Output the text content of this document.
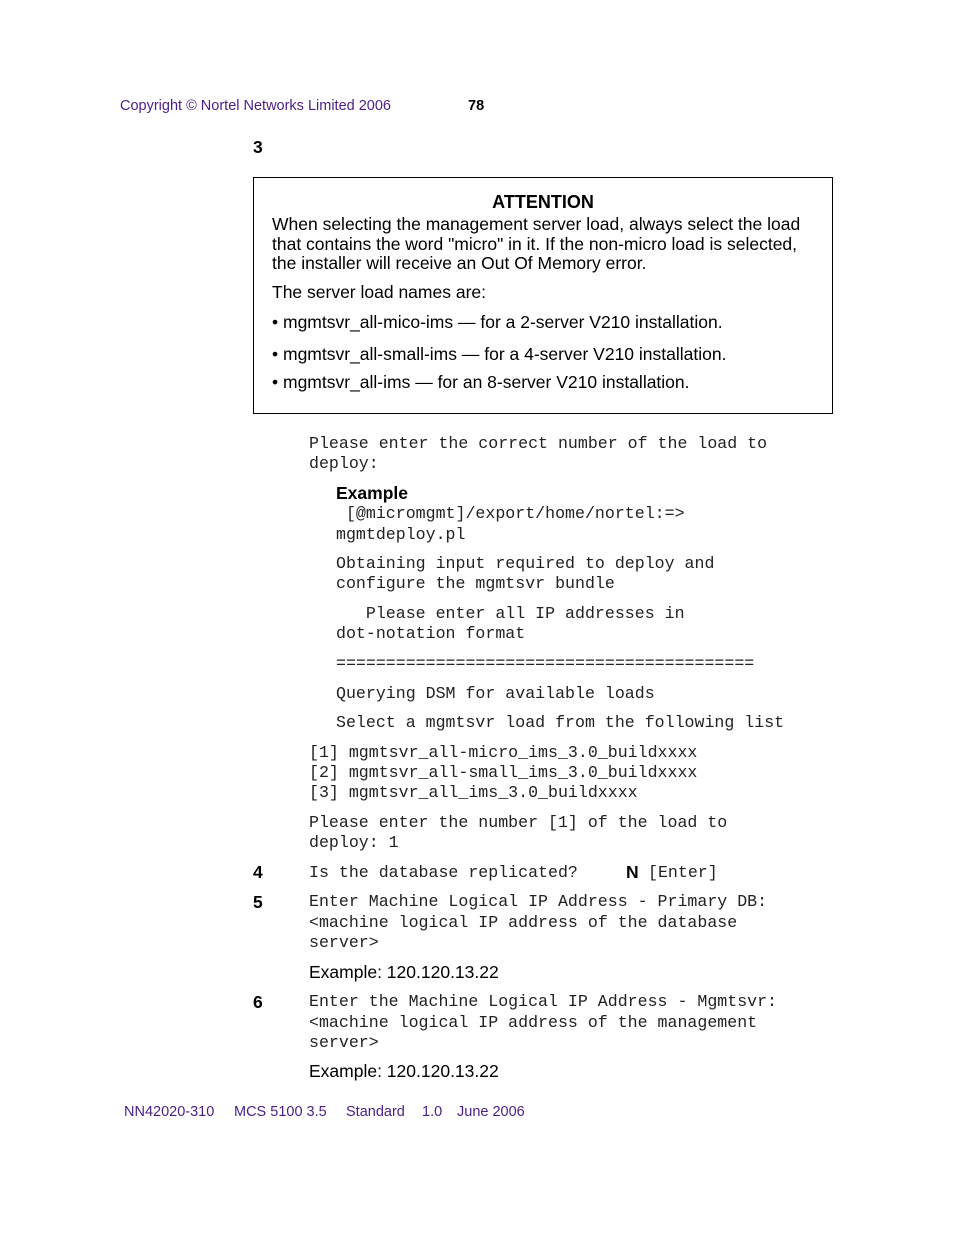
Copyright © Nortel Networks Limited 2006	78
3
ATTENTION
When selecting the management server load, always select the load that contains the word "micro" in it. If the non-micro load is selected, the installer will receive an Out Of Memory error.
The server load names are:
• mgmtsvr_all-mico-ims — for a 2-server V210 installation.
• mgmtsvr_all-small-ims — for a 4-server V210 installation.
• mgmtsvr_all-ims — for an 8-server V210 installation.
Please enter the correct number of the load to
deploy:
Example
[@micromgmt]/export/home/nortel:=>
mgmtdeploy.pl
Obtaining input required to deploy and
configure the mgmtsvr bundle
Please enter all IP addresses in
dot-notation format
==========================================
Querying DSM for available loads
Select a mgmtsvr load from the following list
[1] mgmtsvr_all-micro_ims_3.0_buildxxxx
[2] mgmtsvr_all-small_ims_3.0_buildxxxx
[3] mgmtsvr_all_ims_3.0_buildxxxx
Please enter the number [1] of the load to
deploy: 1
4	Is the database replicated?	N [Enter]
5	Enter Machine Logical IP Address - Primary DB:
<machine logical IP address of the database
server>
Example: 120.120.13.22
6	Enter the Machine Logical IP Address - Mgmtsvr:
<machine logical IP address of the management
server>
Example: 120.120.13.22
NN42020-310 MCS 5100 3.5 Standard 1.0 June 2006
